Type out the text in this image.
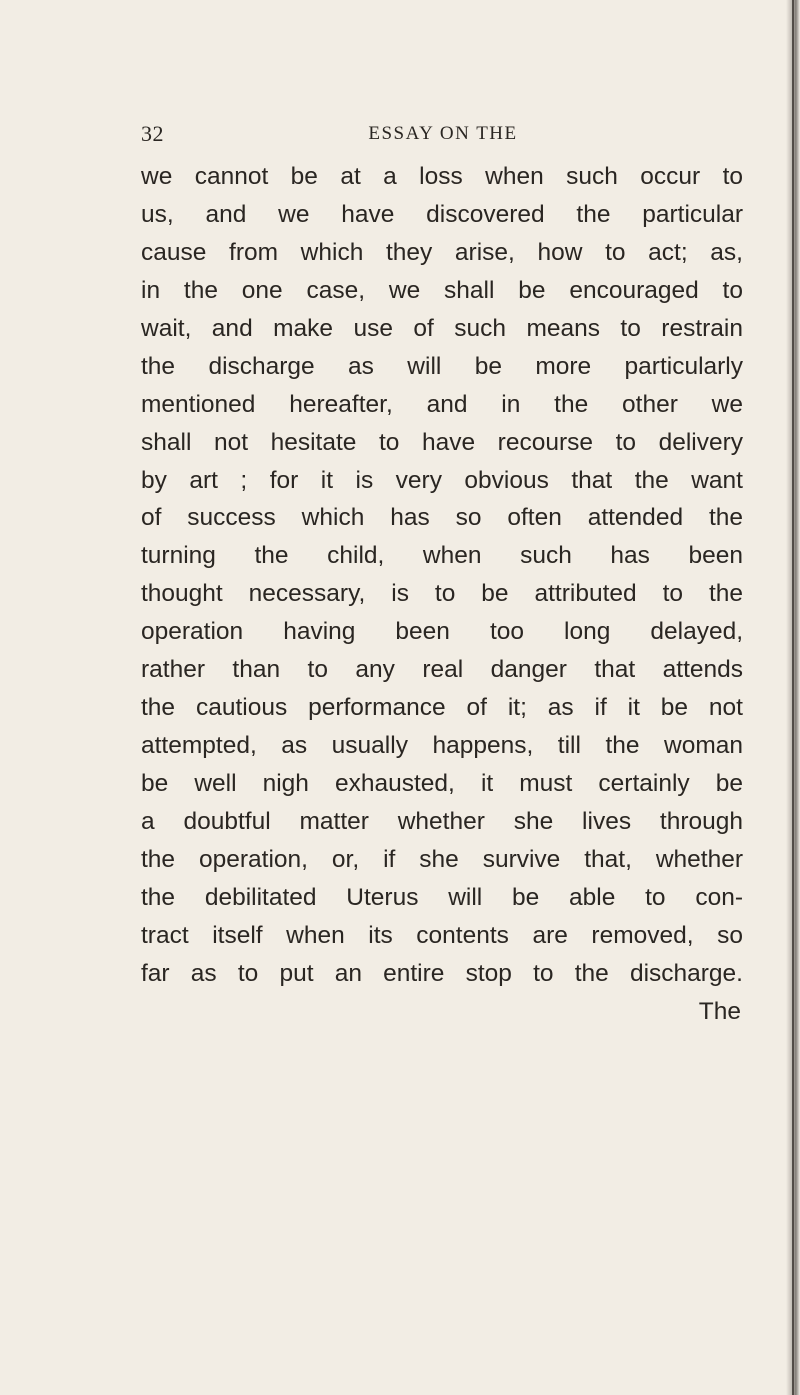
32	ESSAY ON THE
we cannot be at a loss when such occur to
us, and we have discovered the particular
cause from which they arise, how to act; as,
in the one case, we shall be encouraged to
wait, and make use of such means to restrain
the discharge as will be more particularly
mentioned hereafter, and in the other we
shall not hesitate to have recourse to delivery
by art ; for it is very obvious that the want
of success which has so often attended the
turning the child, when such has been
thought necessary, is to be attributed to the
operation having been too long delayed,
rather than to any real danger that attends
the cautious performance of it; as if it be not
attempted, as usually happens, till the woman
be well nigh exhausted, it must certainly be
a doubtful matter whether she lives through
the operation, or, if she survive that, whether
the debilitated Uterus will be able to con-
tract itself when its contents are removed, so
far as to put an entire stop to the discharge.
The
